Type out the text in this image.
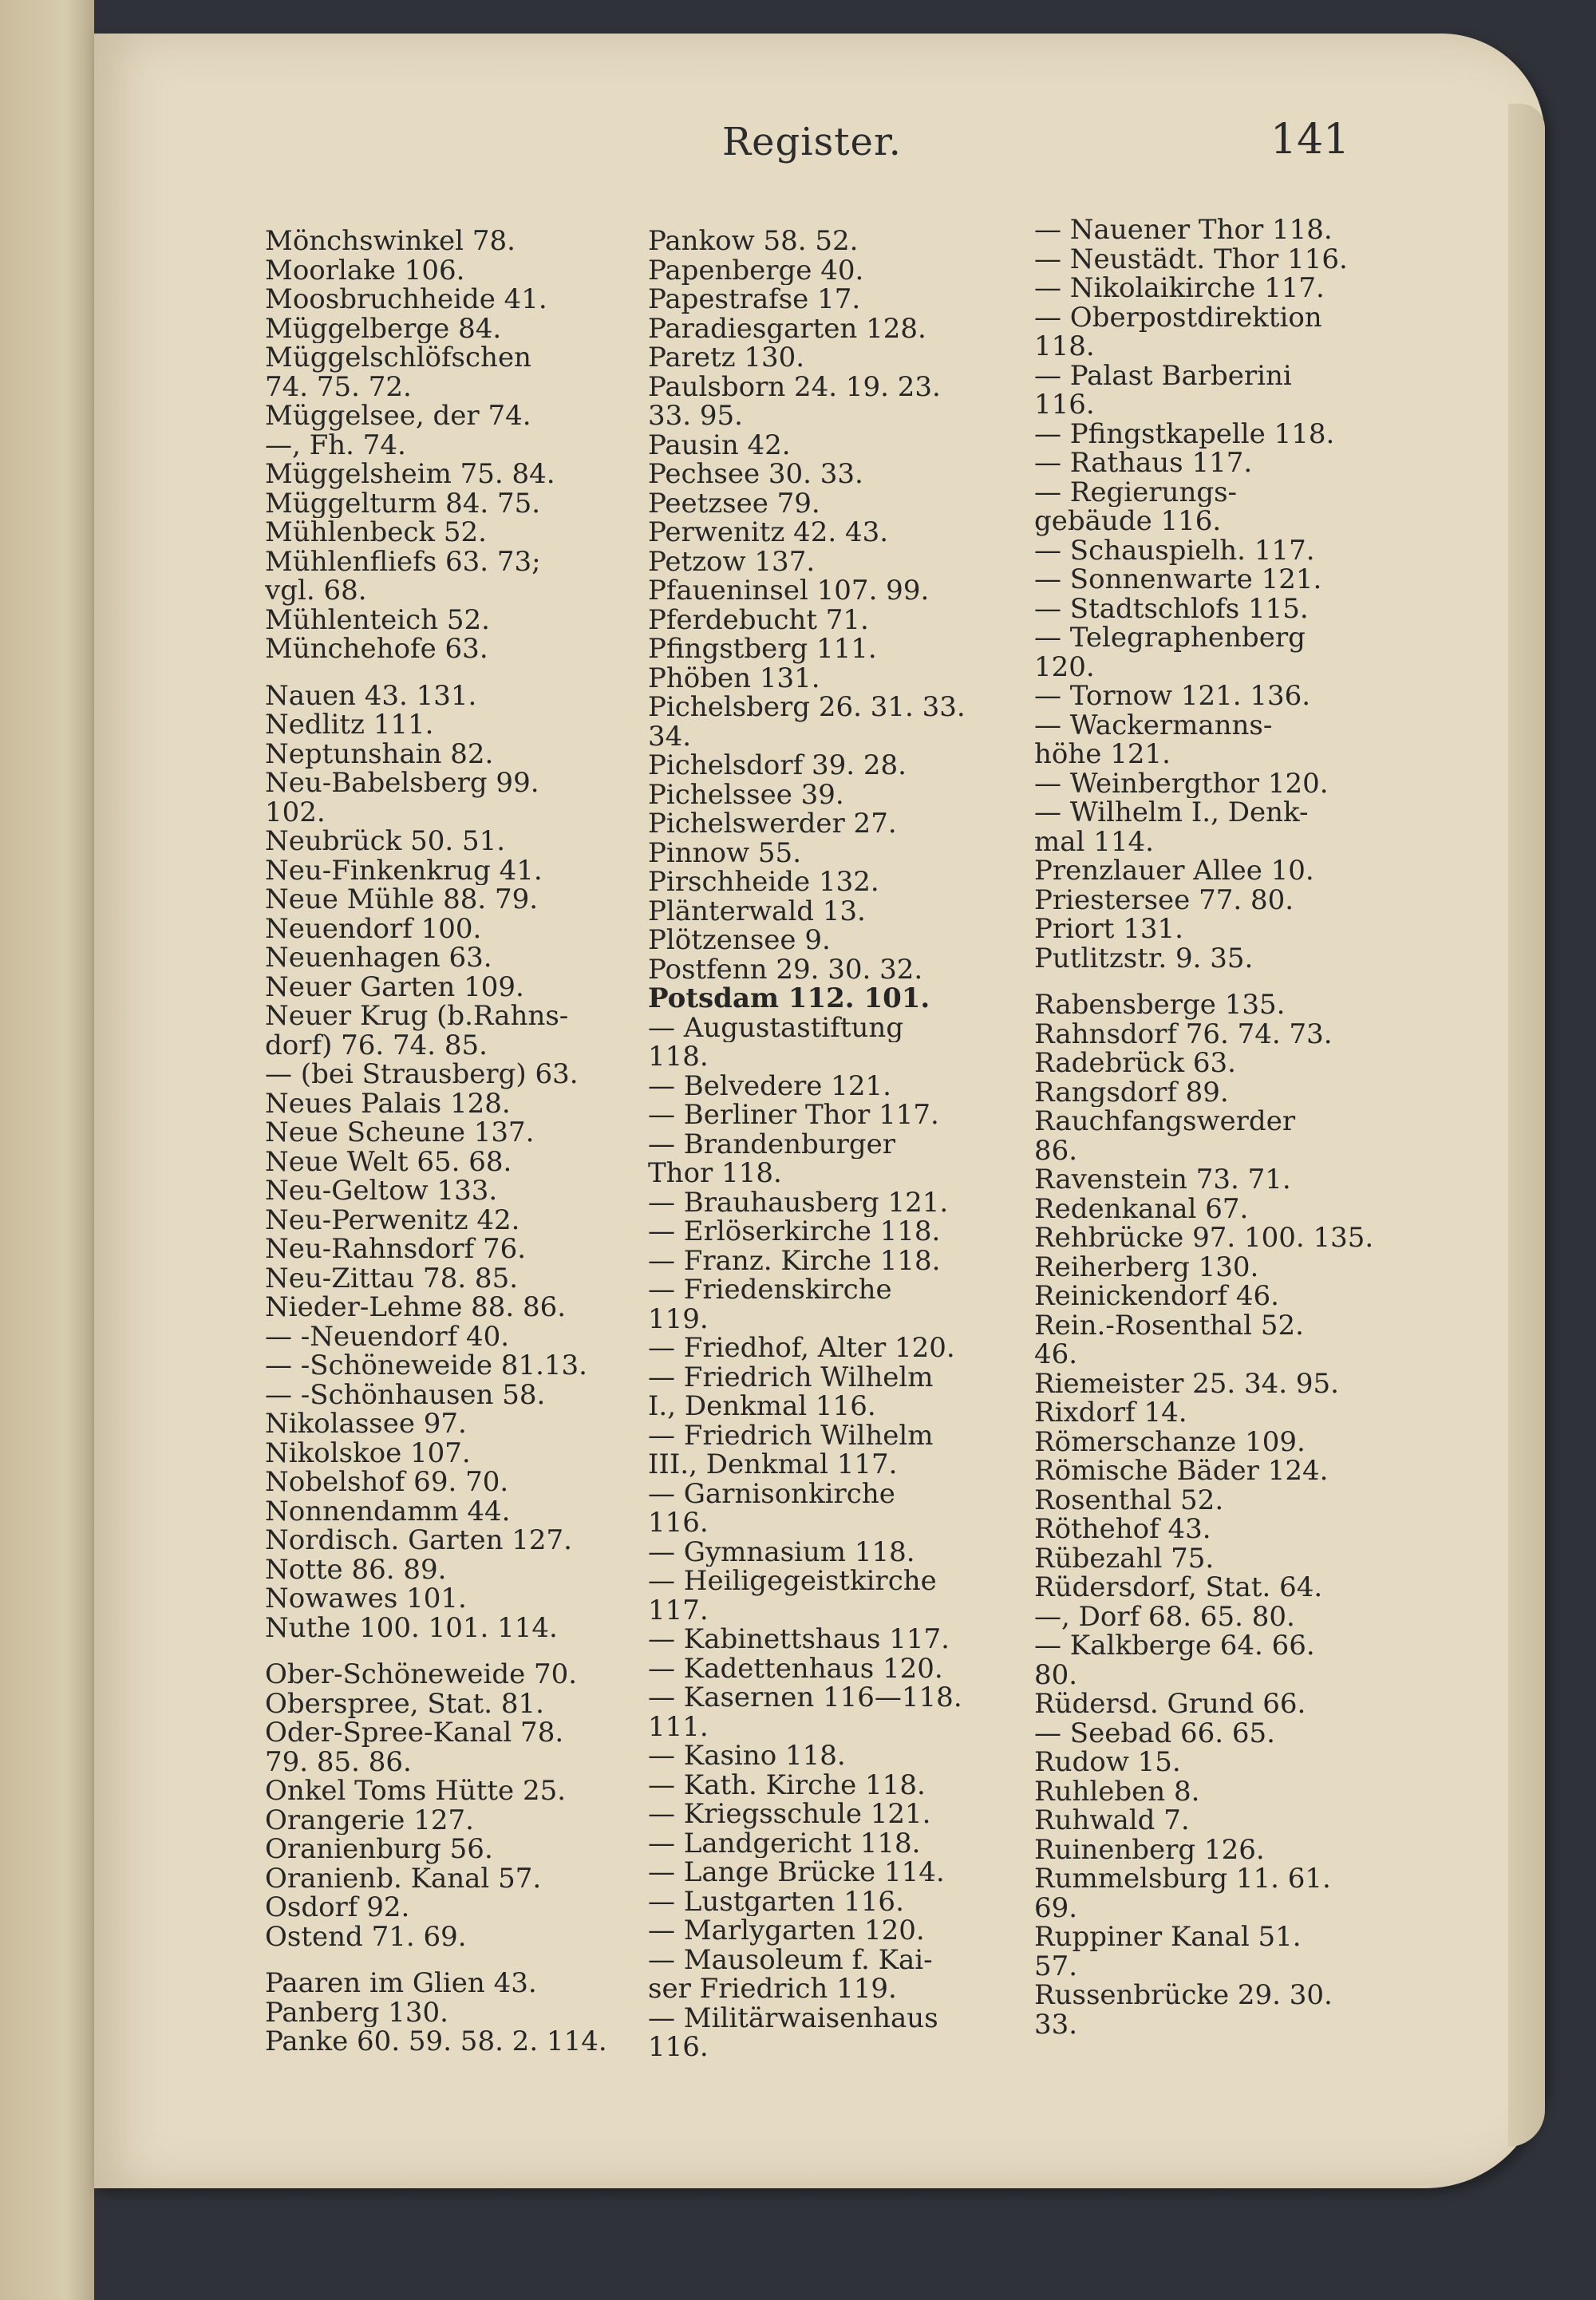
Register.	141
Mönchswinkel 78.
Moorlake 106.
Moosbruchheide 41.
Müggelberge 84.
Müggelschlöfschen
74. 75. 72.
Müggelsee, der 74.
—, Fh. 74.
Müggelsheim 75. 84.
Müggelturm 84. 75.
Mühlenbeck 52.
Mühlenfliefs 63. 73;
vgl. 68.
Mühlenteich 52.
Münchehofe 63.
Nauen 43. 131.
Nedlitz 111.
Neptunshain 82.
Neu-Babelsberg 99.
102.
Neubrück 50. 51.
Neu-Finkenkrug 41.
Neue Mühle 88. 79.
Neuendorf 100.
Neuenhagen 63.
Neuer Garten 109.
Neuer Krug (b.Rahns-
dorf) 76. 74. 85.
— (bei Strausberg) 63.
Neues Palais 128.
Neue Scheune 137.
Neue Welt 65. 68.
Neu-Geltow 133.
Neu-Perwenitz 42.
Neu-Rahnsdorf 76.
Neu-Zittau 78. 85.
Nieder-Lehme 88. 86.
— -Neuendorf 40.
— -Schöneweide 81.13.
— -Schönhausen 58.
Nikolassee 97.
Nikolskoe 107.
Nobelshof 69. 70.
Nonnendamm 44.
Nordisch. Garten 127.
Notte 86. 89.
Nowawes 101.
Nuthe 100. 101. 114.
Ober-Schöneweide 70.
Oberspree, Stat. 81.
Oder-Spree-Kanal 78.
79. 85. 86.
Onkel Toms Hütte 25.
Orangerie 127.
Oranienburg 56.
Oranienb. Kanal 57.
Osdorf 92.
Ostend 71. 69.
Paaren im Glien 43.
Panberg 130.
Panke 60. 59. 58. 2. 114.
Pankow 58. 52.
Papenberge 40.
Papestrafse 17.
Paradiesgarten 128.
Paretz 130.
Paulsborn 24. 19. 23.
33. 95.
Pausin 42.
Pechsee 30. 33.
Peetzsee 79.
Perwenitz 42. 43.
Petzow 137.
Pfaueninsel 107. 99.
Pferdebucht 71.
Pfingstberg 111.
Phöben 131.
Pichelsberg 26. 31. 33.
34.
Pichelsdorf 39. 28.
Pichelssee 39.
Pichelswerder 27.
Pinnow 55.
Pirschheide 132.
Plänterwald 13.
Plötzensee 9.
Postfenn 29. 30. 32.
Potsdam 112. 101.
— Augustastiftung
118.
— Belvedere 121.
— Berliner Thor 117.
— Brandenburger
Thor 118.
— Brauhausberg 121.
— Erlöserkirche 118.
— Franz. Kirche 118.
— Friedenskirche
119.
— Friedhof, Alter 120.
— Friedrich Wilhelm
I., Denkmal 116.
— Friedrich Wilhelm
III., Denkmal 117.
— Garnisonkirche
116.
— Gymnasium 118.
— Heiligegeistkirche
117.
— Kabinettshaus 117.
— Kadettenhaus 120.
— Kasernen 116—118.
111.
— Kasino 118.
— Kath. Kirche 118.
— Kriegsschule 121.
— Landgericht 118.
— Lange Brücke 114.
— Lustgarten 116.
— Marlygarten 120.
— Mausoleum f. Kai-
ser Friedrich 119.
— Militärwaisenhaus
116.
— Nauener Thor 118.
— Neustädt. Thor 116.
— Nikolaikirche 117.
— Oberpostdirektion
118.
— Palast Barberini
116.
— Pfingstkapelle 118.
— Rathaus 117.
— Regierungs-
gebäude 116.
— Schauspielh. 117.
— Sonnenwarte 121.
— Stadtschlofs 115.
— Telegraphenberg
120.
— Tornow 121. 136.
— Wackermanns-
höhe 121.
— Weinbergthor 120.
— Wilhelm I., Denk-
mal 114.
Prenzlauer Allee 10.
Priestersee 77. 80.
Priort 131.
Putlitzstr. 9. 35.
Rabensberge 135.
Rahnsdorf 76. 74. 73.
Radebrück 63.
Rangsdorf 89.
Rauchfangswerder
86.
Ravenstein 73. 71.
Redenkanal 67.
Rehbrücke 97. 100. 135.
Reiherberg 130.
Reinickendorf 46.
Rein.-Rosenthal 52.
46.
Riemeister 25. 34. 95.
Rixdorf 14.
Römerschanze 109.
Römische Bäder 124.
Rosenthal 52.
Röthehof 43.
Rübezahl 75.
Rüdersdorf, Stat. 64.
—, Dorf 68. 65. 80.
— Kalkberge 64. 66.
80.
Rüdersd. Grund 66.
— Seebad 66. 65.
Rudow 15.
Ruhleben 8.
Ruhwald 7.
Ruinenberg 126.
Rummelsburg 11. 61.
69.
Ruppiner Kanal 51.
57.
Russenbrücke 29. 30.
33.
